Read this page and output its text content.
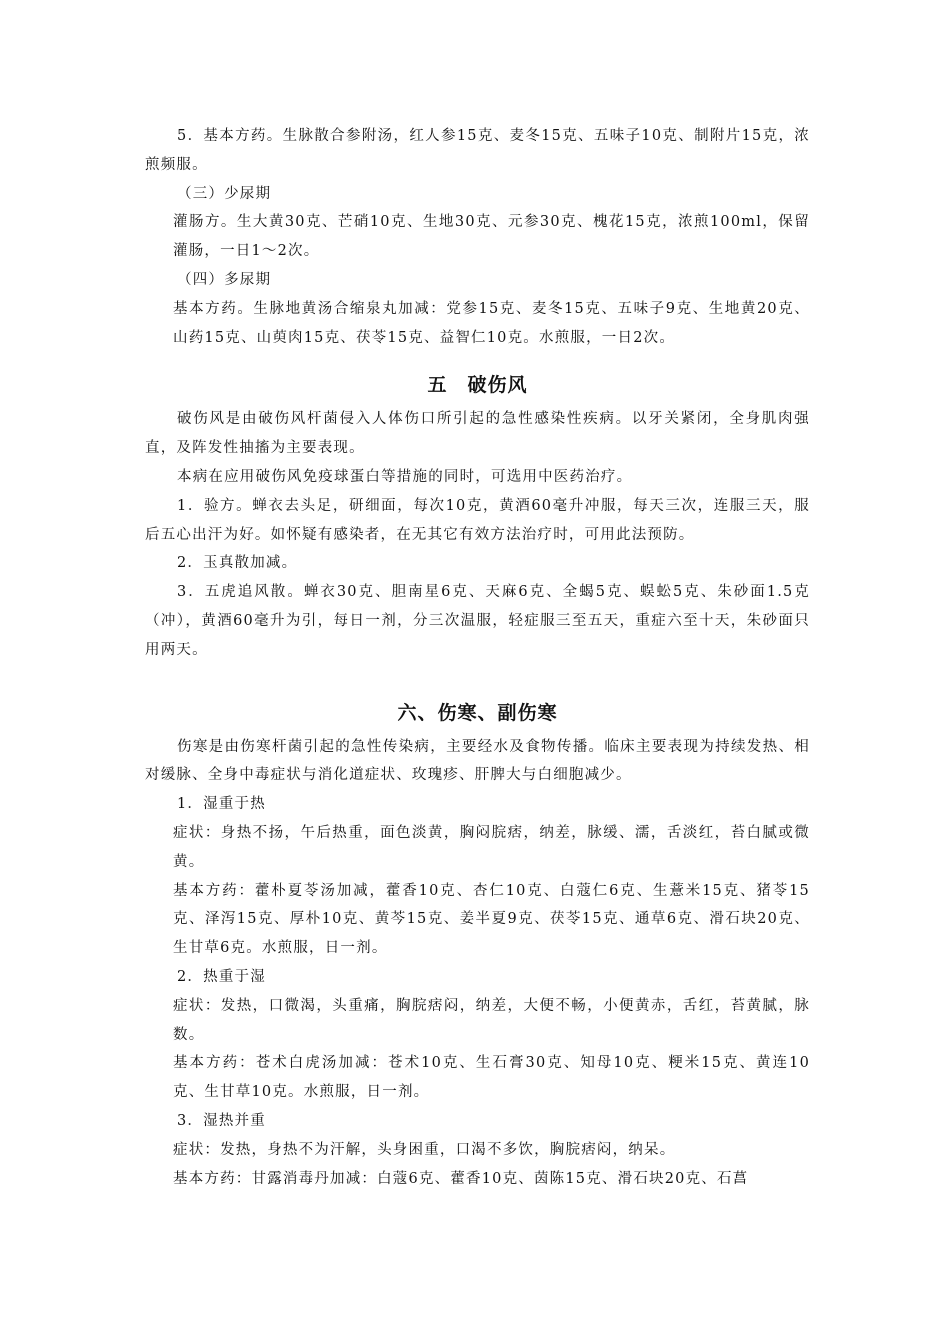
5．基本方药。生脉散合参附汤，红人参15克、麦冬15克、五味子10克、制附片15克，浓煎频服。

（三）少尿期

灌肠方。生大黄30克、芒硝10克、生地30克、元参30克、槐花15克，浓煎100ml，保留灌肠，一日1～2次。

（四）多尿期

基本方药。生脉地黄汤合缩泉丸加减：党参15克、麦冬15克、五味子9克、生地黄20克、山药15克、山萸肉15克、茯苓15克、益智仁10克。水煎服，一日2次。

五　破伤风

破伤风是由破伤风杆菌侵入人体伤口所引起的急性感染性疾病。以牙关紧闭，全身肌肉强直，及阵发性抽搐为主要表现。

本病在应用破伤风免疫球蛋白等措施的同时，可选用中医药治疗。

1．验方。蝉衣去头足，研细面，每次10克，黄酒60毫升冲服，每天三次，连服三天，服后五心出汗为好。如怀疑有感染者，在无其它有效方法治疗时，可用此法预防。

2．玉真散加减。

3．五虎追风散。蝉衣30克、胆南星6克、天麻6克、全蝎5克、蜈蚣5克、朱砂面1.5克（冲），黄酒60毫升为引，每日一剂，分三次温服，轻症服三至五天，重症六至十天，朱砂面只用两天。

六、伤寒、副伤寒

伤寒是由伤寒杆菌引起的急性传染病，主要经水及食物传播。临床主要表现为持续发热、相对缓脉、全身中毒症状与消化道症状、玫瑰疹、肝脾大与白细胞减少。

1．湿重于热

症状：身热不扬，午后热重，面色淡黄，胸闷脘痞，纳差，脉缓、濡，舌淡红，苔白腻或微黄。

基本方药：藿朴夏苓汤加减，藿香10克、杏仁10克、白蔻仁6克、生薏米15克、猪苓15克、泽泻15克、厚朴10克、黄芩15克、姜半夏9克、茯苓15克、通草6克、滑石块20克、生甘草6克。水煎服，日一剂。

2．热重于湿

症状：发热，口微渴，头重痛，胸脘痞闷，纳差，大便不畅，小便黄赤，舌红，苔黄腻，脉数。

基本方药：苍术白虎汤加减：苍术10克、生石膏30克、知母10克、粳米15克、黄连10克、生甘草10克。水煎服，日一剂。

3．湿热并重

症状：发热，身热不为汗解，头身困重，口渴不多饮，胸脘痞闷，纳呆。

基本方药：甘露消毒丹加减：白蔻6克、藿香10克、茵陈15克、滑石块20克、石菖
